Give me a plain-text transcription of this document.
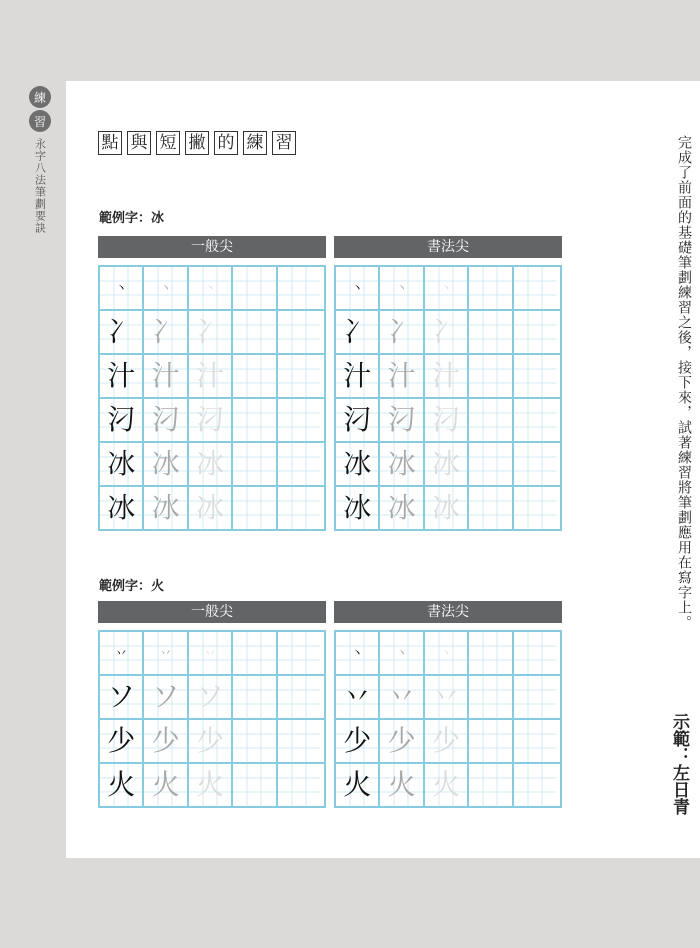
練
習
永字八法筆劃要訣	點 與 短 撇 的 練 習
範例字：冰
一般尖
丶	丶	丶
冫 冫 冫
汁 汁 汁
汈 汈 汈
冰 冰 冰
冰 冰 冰
書法尖
丶	丶	丶
冫 冫 冫
汁 汁 汁
汈 汈 汈
冰 冰 冰
冰 冰 冰
範例字：火
一般尖
丷	丷	丷
ソ ソ ソ
少 少 少
火 火 火
書法尖
丶	丶	丶
丷 丷 丷
少 少 少
火 火 火
完成了前面的基礎筆劃練習之後，接下來，試著練習將筆劃應用在寫字上。
示範：左日青
